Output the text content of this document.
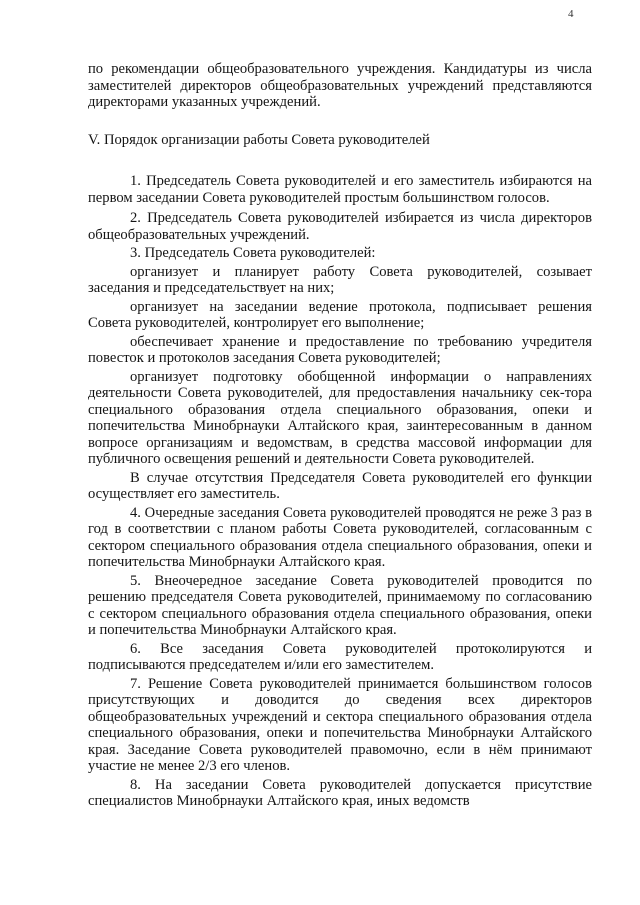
4

по рекомендации общеобразовательного учреждения. Кандидатуры из числа заместителей директоров общеобразовательных учреждений представляются директорами указанных учреждений.

V. Порядок организации работы Совета руководителей

1. Председатель Совета руководителей и его заместитель избираются на первом заседании Совета руководителей простым большинством голосов.

2. Председатель Совета руководителей избирается из числа директоров общеобразовательных учреждений.

3. Председатель Совета руководителей:

организует и планирует работу Совета руководителей, созывает заседания и председательствует на них;

организует на заседании ведение протокола, подписывает решения Совета руководителей, контролирует его выполнение;

обеспечивает хранение и предоставление по требованию учредителя повесток и протоколов заседания Совета руководителей;

организует подготовку обобщенной информации о направлениях деятельности Совета руководителей, для предоставления начальнику сек-тора специального образования отдела специального образования, опеки и попечительства Минобрнауки Алтайского края, заинтересованным в данном вопросе организациям и ведомствам, в средства массовой информации для публичного освещения решений и деятельности Совета руководителей.

В случае отсутствия Председателя Совета руководителей его функции осуществляет его заместитель.

4. Очередные заседания Совета руководителей проводятся не реже 3 раз в год в соответствии с планом работы Совета руководителей, согласованным с сектором специального образования отдела специального образования, опеки и попечительства Минобрнауки Алтайского края.

5. Внеочередное заседание Совета руководителей проводится по решению председателя Совета руководителей, принимаемому по согласованию с сектором специального образования отдела специального образования, опеки и попечительства Минобрнауки Алтайского края.

6. Все заседания Совета руководителей протоколируются и подписываются председателем и/или его заместителем.

7. Решение Совета руководителей принимается большинством голосов присутствующих и доводится до сведения всех директоров общеобразовательных учреждений и сектора специального образования отдела специального образования, опеки и попечительства Минобрнауки Алтайского края. Заседание Совета руководителей правомочно, если в нём принимают участие не менее 2/3 его членов.

8. На заседании Совета руководителей допускается присутствие специалистов Минобрнауки Алтайского края, иных ведомств
